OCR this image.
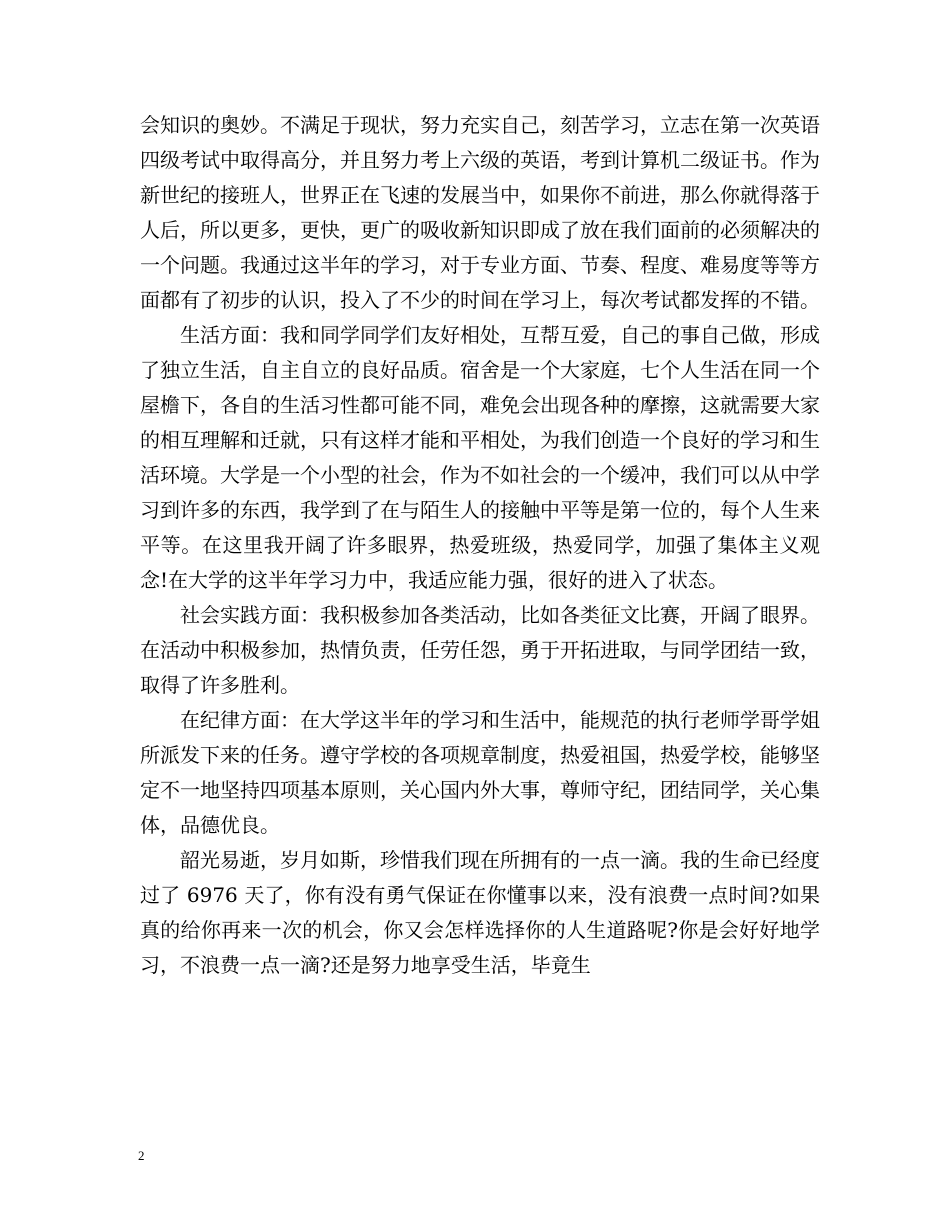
会知识的奥妙。不满足于现状，努力充实自己，刻苦学习，立志在第一次英语四级考试中取得高分，并且努力考上六级的英语，考到计算机二级证书。作为新世纪的接班人，世界正在飞速的发展当中，如果你不前进，那么你就得落于人后，所以更多，更快，更广的吸收新知识即成了放在我们面前的必须解决的一个问题。我通过这半年的学习，对于专业方面、节奏、程度、难易度等等方面都有了初步的认识，投入了不少的时间在学习上，每次考试都发挥的不错。

生活方面：我和同学同学们友好相处，互帮互爱，自己的事自己做，形成了独立生活，自主自立的良好品质。宿舍是一个大家庭，七个人生活在同一个屋檐下，各自的生活习性都可能不同，难免会出现各种的摩擦，这就需要大家的相互理解和迁就，只有这样才能和平相处，为我们创造一个良好的学习和生活环境。大学是一个小型的社会，作为不如社会的一个缓冲，我们可以从中学习到许多的东西，我学到了在与陌生人的接触中平等是第一位的，每个人生来平等。在这里我开阔了许多眼界，热爱班级，热爱同学，加强了集体主义观念!在大学的这半年学习力中，我适应能力强，很好的进入了状态。

社会实践方面：我积极参加各类活动，比如各类征文比赛，开阔了眼界。在活动中积极参加，热情负责，任劳任怨，勇于开拓进取，与同学团结一致，取得了许多胜利。

在纪律方面：在大学这半年的学习和生活中，能规范的执行老师学哥学姐所派发下来的任务。遵守学校的各项规章制度，热爱祖国，热爱学校，能够坚定不一地坚持四项基本原则，关心国内外大事，尊师守纪，团结同学，关心集体，品德优良。

韶光易逝，岁月如斯，珍惜我们现在所拥有的一点一滴。我的生命已经度过了 6976 天了，你有没有勇气保证在你懂事以来，没有浪费一点时间?如果真的给你再来一次的机会，你又会怎样选择你的人生道路呢?你是会好好地学习，不浪费一点一滴?还是努力地享受生活，毕竟生

2
